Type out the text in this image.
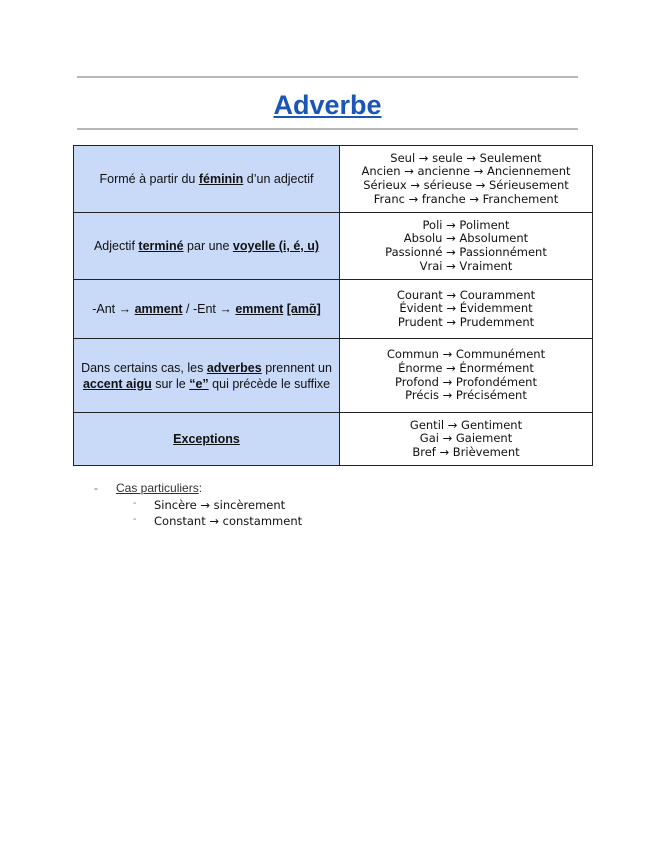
Adverbe
Formé à partir du féminin d’un adjectif	Seul → seule → Seulement
Ancien → ancienne → Anciennement
Sérieux → sérieuse → Sérieusement
Franc → franche → Franchement

Adjectif terminé par une voyelle (i, é, u)	Poli → Poliment
Absolu → Absolument
Passionné → Passionnément
Vrai → Vraiment

-Ant → amment / -Ent → emment [amɑ̃]	Courant → Couramment
Évident → Évidemment
Prudent → Prudemment

Dans certains cas, les adverbes prennent un accent aigu sur le “e” qui précède le suffixe	Commun → Communément
Énorme → Énormément
Profond → Profondément
Précis → Précisément

Exceptions	Gentil → Gentiment
Gai → Gaiement
Bref → Brièvement
- Cas particuliers:
- Sincère → sincèrement
- Constant → constamment
